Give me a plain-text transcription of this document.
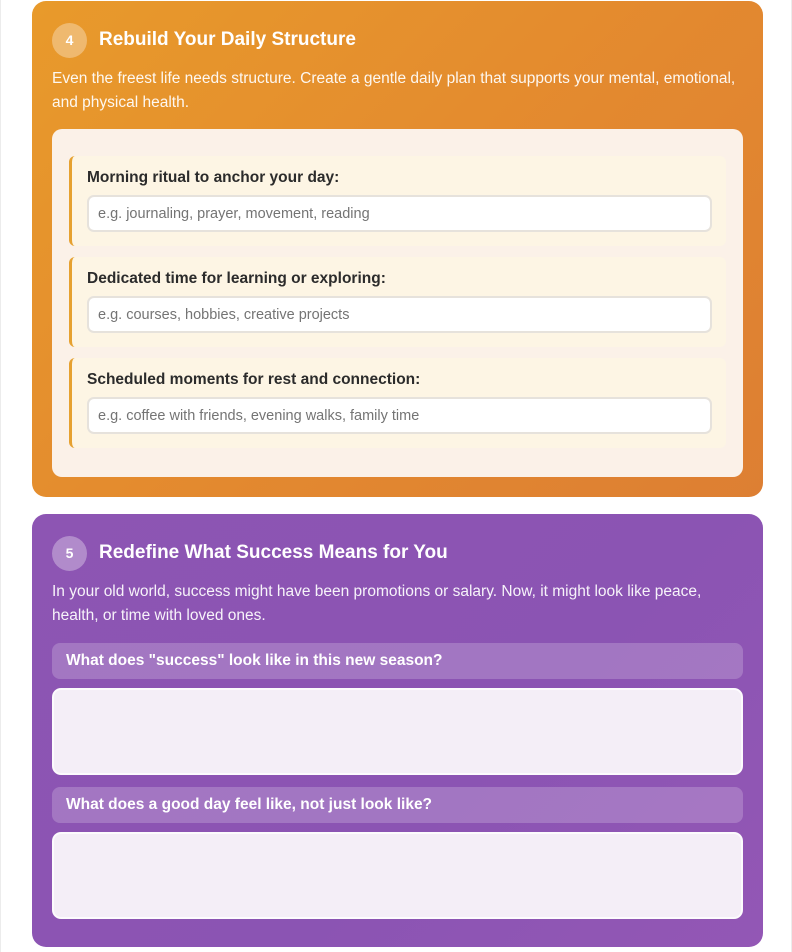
4	Rebuild Your Daily Structure

Even the freest life needs structure. Create a gentle daily plan that supports your mental, emotional, and physical health.

Morning ritual to anchor your day:
e.g. journaling, prayer, movement, reading
Dedicated time for learning or exploring:
e.g. courses, hobbies, creative projects
Scheduled moments for rest and connection:
e.g. coffee with friends, evening walks, family time
5	Redefine What Success Means for You

In your old world, success might have been promotions or salary. Now, it might look like peace, health, or time with loved ones.

What does "success" look like in this new season?
What does a good day feel like, not just look like?
